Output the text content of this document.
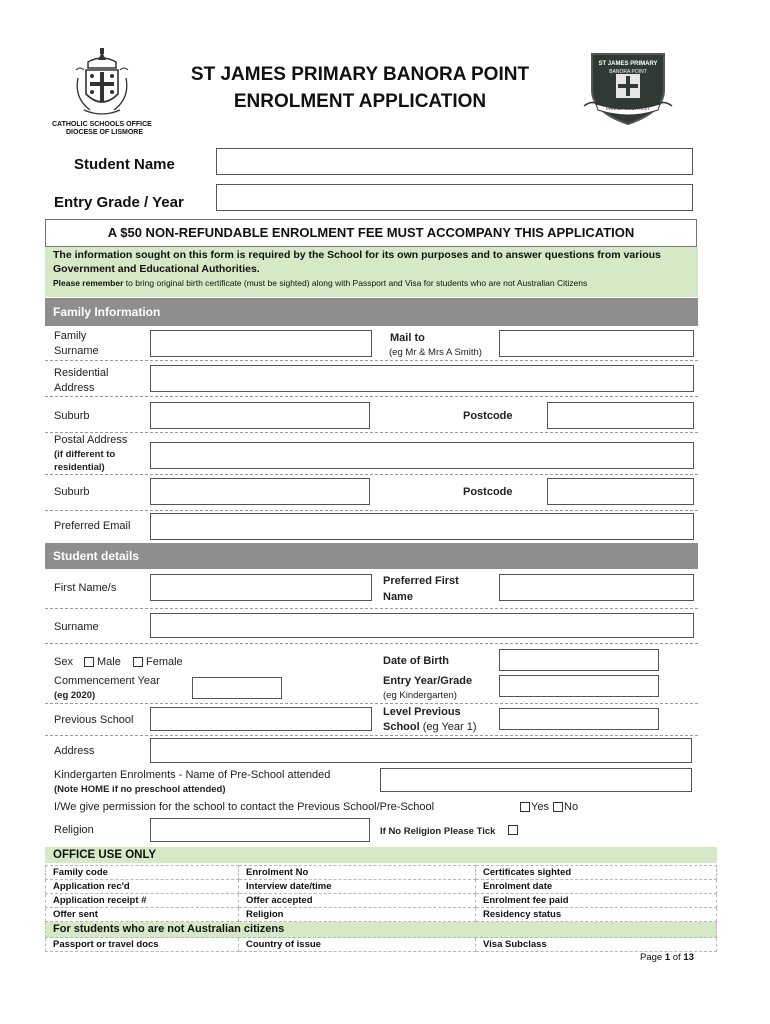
CATHOLIC SCHOOLS OFFICE
DIOCESE OF LISMORE
ST JAMES PRIMARY BANORA POINT
ENROLMENT APPLICATION
ST JAMES PRIMARY
BANORA POINT
FAMILY IN CHRIST
Student Name
Entry Grade / Year
A $50 NON-REFUNDABLE ENROLMENT FEE MUST ACCOMPANY THIS APPLICATION
The information sought on this form is required by the School for its own purposes and to answer questions from various Government and Educational Authorities.
Please remember to bring original birth certificate (must be sighted) along with Passport and Visa for students who are not Australian Citizens
Family Information
Family
Surname
Mail to
(eg Mr & Mrs A Smith)
Residential
Address
Suburb	Postcode
Postal Address
(if different to
residential)
Suburb	Postcode
Preferred Email
Student details
First Name/s
Preferred First
Name
Surname
Sex	Male	Female	Date of Birth
Commencement Year
(eg 2020)
Entry Year/Grade
(eg Kindergarten)
Previous School
Level Previous
School (eg Year 1)
Address
Kindergarten Enrolments - Name of Pre-School attended
(Note HOME if no preschool attended)
I/We give permission for the school to contact the Previous School/Pre-School	Yes	No
Religion	If No Religion Please Tick
OFFICE USE ONLY
Family code	Enrolment No	Certificates sighted
Application rec'd	Interview date/time	Enrolment date
Application receipt #	Offer accepted	Enrolment fee paid
Offer sent	Religion	Residency status
For students who are not Australian citizens		
Passport or travel docs	Country of issue	Visa Subclass
Page 1 of 13
